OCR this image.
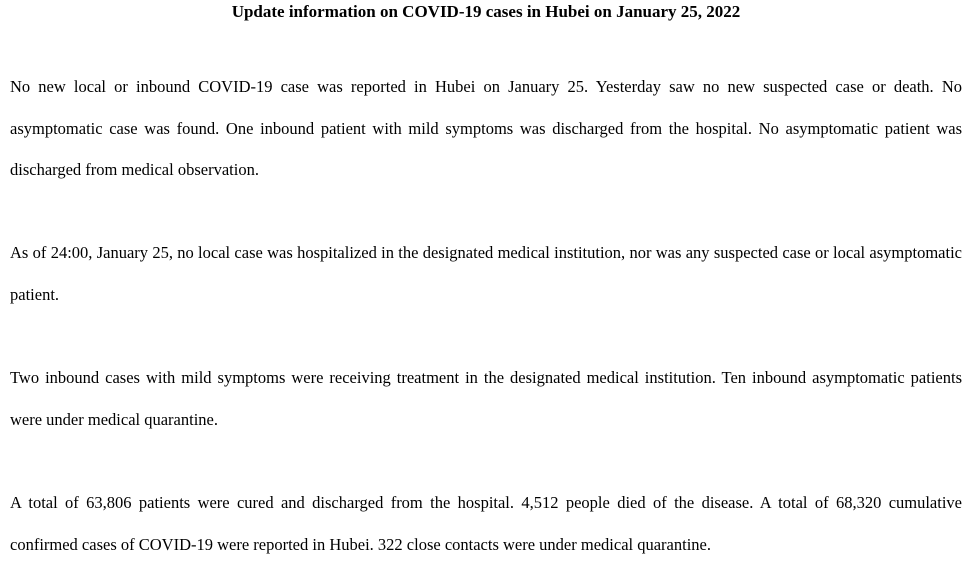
Update information on COVID-19 cases in Hubei on January 25, 2022

No new local or inbound COVID-19 case was reported in Hubei on January 25. Yesterday saw no new suspected case or death. No asymptomatic case was found. One inbound patient with mild symptoms was discharged from the hospital. No asymptomatic patient was discharged from medical observation.

As of 24:00, January 25, no local case was hospitalized in the designated medical institution, nor was any suspected case or local asymptomatic patient.

Two inbound cases with mild symptoms were receiving treatment in the designated medical institution. Ten inbound asymptomatic patients were under medical quarantine.

A total of 63,806 patients were cured and discharged from the hospital. 4,512 people died of the disease. A total of 68,320 cumulative confirmed cases of COVID-19 were reported in Hubei. 322 close contacts were under medical quarantine.
